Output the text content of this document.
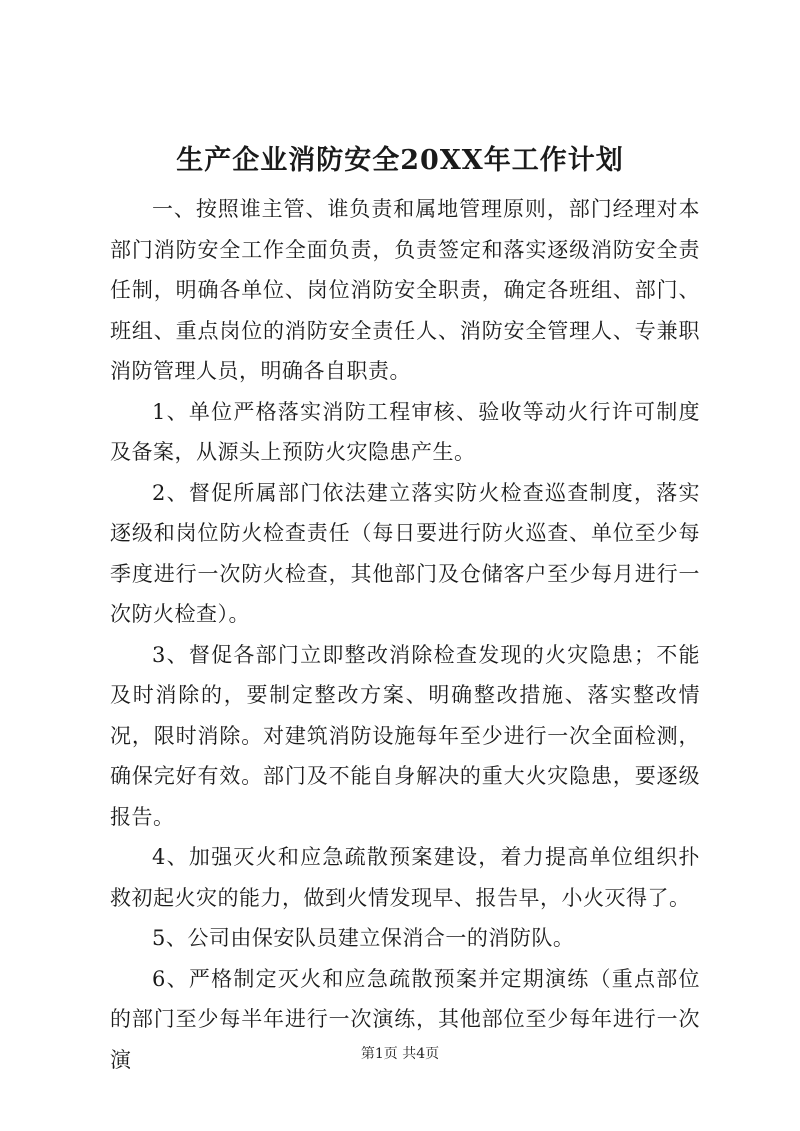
生产企业消防安全20XX年工作计划

一、按照谁主管、谁负责和属地管理原则，部门经理对本部门消防安全工作全面负责，负责签定和落实逐级消防安全责任制，明确各单位、岗位消防安全职责，确定各班组、部门、班组、重点岗位的消防安全责任人、消防安全管理人、专兼职消防管理人员，明确各自职责。

1、单位严格落实消防工程审核、验收等动火行许可制度及备案，从源头上预防火灾隐患产生。

2、督促所属部门依法建立落实防火检查巡查制度，落实逐级和岗位防火检查责任（每日要进行防火巡查、单位至少每季度进行一次防火检查，其他部门及仓储客户至少每月进行一次防火检查）。

3、督促各部门立即整改消除检查发现的火灾隐患；不能及时消除的，要制定整改方案、明确整改措施、落实整改情况，限时消除。对建筑消防设施每年至少进行一次全面检测，确保完好有效。部门及不能自身解决的重大火灾隐患，要逐级报告。

4、加强灭火和应急疏散预案建设，着力提高单位组织扑救初起火灾的能力，做到火情发现早、报告早，小火灭得了。

5、公司由保安队员建立保消合一的消防队。

6、严格制定灭火和应急疏散预案并定期演练（重点部位的部门至少每半年进行一次演练，其他部位至少每年进行一次演	第1页 共4页
